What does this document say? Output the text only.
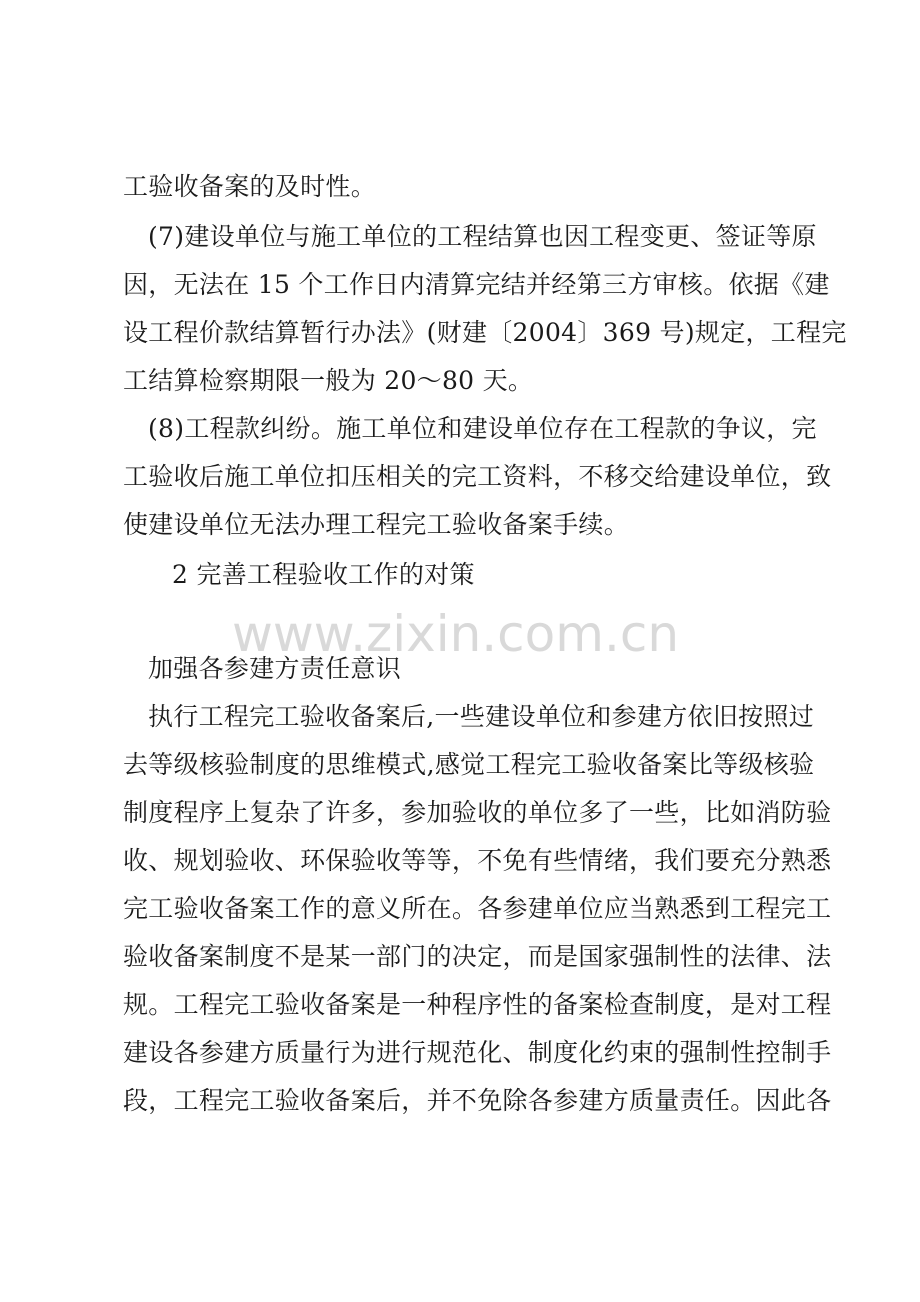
工验收备案的及时性。
(7)建设单位与施工单位的工程结算也因工程变更、签证等原
因，无法在 15 个工作日内清算完结并经第三方审核。依据《建
设工程价款结算暂行办法》(财建〔2004〕369 号)规定，工程完
工结算检察期限一般为 20～80 天。
(8)工程款纠纷。施工单位和建设单位存在工程款的争议，完
工验收后施工单位扣压相关的完工资料，不移交给建设单位，致
使建设单位无法办理工程完工验收备案手续。
2 完善工程验收工作的对策
www.zixin.com.cn
加强各参建方责任意识
执行工程完工验收备案后,一些建设单位和参建方依旧按照过
去等级核验制度的思维模式,感觉工程完工验收备案比等级核验
制度程序上复杂了许多，参加验收的单位多了一些，比如消防验
收、规划验收、环保验收等等，不免有些情绪，我们要充分熟悉
完工验收备案工作的意义所在。各参建单位应当熟悉到工程完工
验收备案制度不是某一部门的决定，而是国家强制性的法律、法
规。工程完工验收备案是一种程序性的备案检查制度，是对工程
建设各参建方质量行为进行规范化、制度化约束的强制性控制手
段，工程完工验收备案后，并不免除各参建方质量责任。因此各
